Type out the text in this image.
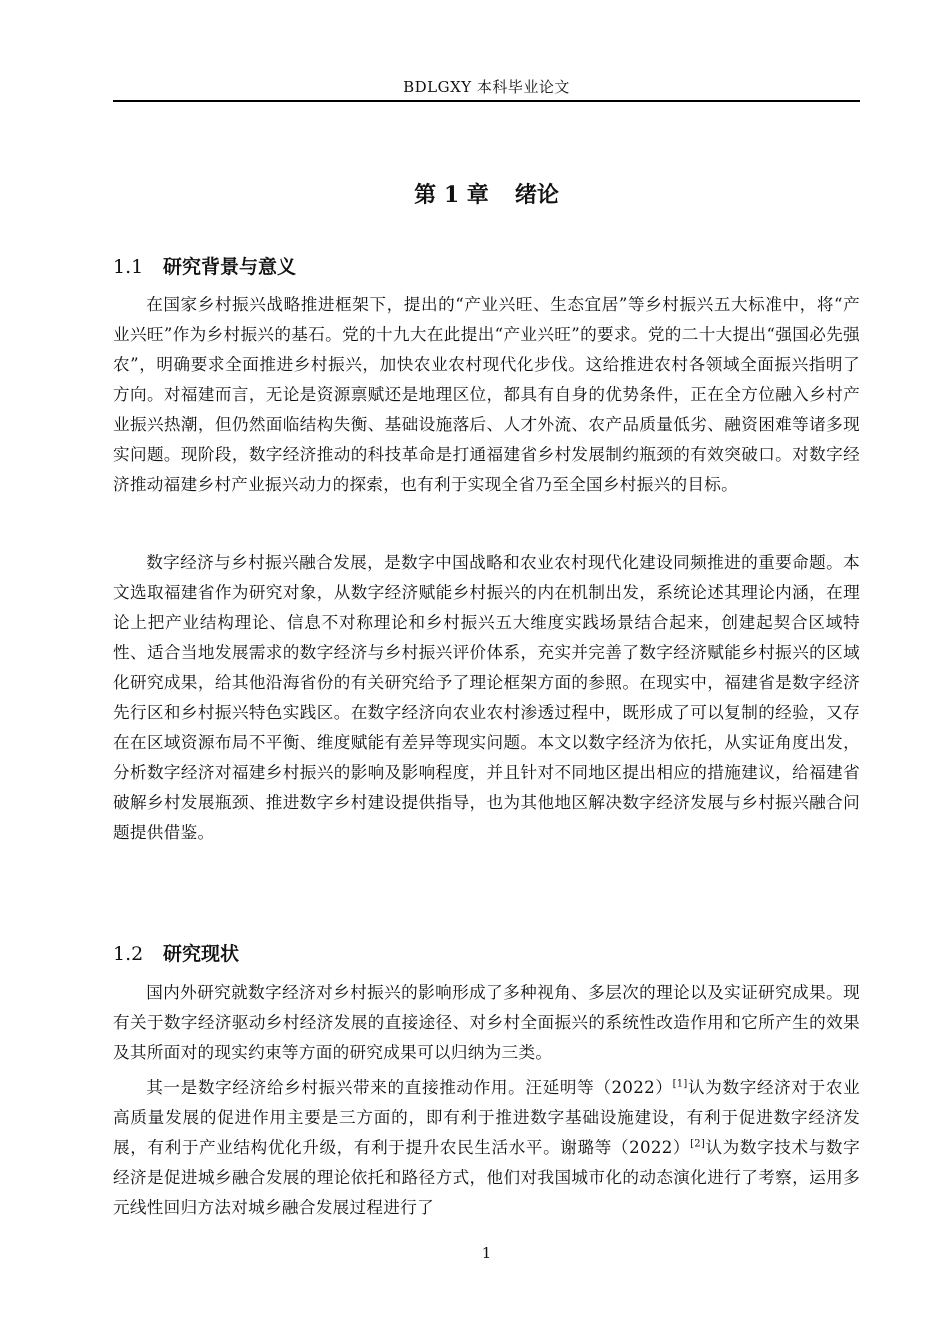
BDLGXY 本科毕业论文
第 1 章 绪论
1.1 研究背景与意义

在国家乡村振兴战略推进框架下，提出的“产业兴旺、生态宜居”等乡村振兴五大标准中，将“产业兴旺”作为乡村振兴的基石。党的十九大在此提出“产业兴旺”的要求。党的二十大提出“强国必先强农”，明确要求全面推进乡村振兴，加快农业农村现代化步伐。这给推进农村各领域全面振兴指明了方向。对福建而言，无论是资源禀赋还是地理区位，都具有自身的优势条件，正在全方位融入乡村产业振兴热潮，但仍然面临结构失衡、基础设施落后、人才外流、农产品质量低劣、融资困难等诸多现实问题。现阶段，数字经济推动的科技革命是打通福建省乡村发展制约瓶颈的有效突破口。对数字经济推动福建乡村产业振兴动力的探索，也有利于实现全省乃至全国乡村振兴的目标。

数字经济与乡村振兴融合发展，是数字中国战略和农业农村现代化建设同频推进的重要命题。本文选取福建省作为研究对象，从数字经济赋能乡村振兴的内在机制出发，系统论述其理论内涵，在理论上把产业结构理论、信息不对称理论和乡村振兴五大维度实践场景结合起来，创建起契合区域特性、适合当地发展需求的数字经济与乡村振兴评价体系，充实并完善了数字经济赋能乡村振兴的区域化研究成果，给其他沿海省份的有关研究给予了理论框架方面的参照。在现实中，福建省是数字经济先行区和乡村振兴特色实践区。在数字经济向农业农村渗透过程中，既形成了可以复制的经验，又存在在区域资源布局不平衡、维度赋能有差异等现实问题。本文以数字经济为依托，从实证角度出发，分析数字经济对福建乡村振兴的影响及影响程度，并且针对不同地区提出相应的措施建议，给福建省破解乡村发展瓶颈、推进数字乡村建设提供指导，也为其他地区解决数字经济发展与乡村振兴融合问题提供借鉴。

1.2 研究现状

国内外研究就数字经济对乡村振兴的影响形成了多种视角、多层次的理论以及实证研究成果。现有关于数字经济驱动乡村经济发展的直接途径、对乡村全面振兴的系统性改造作用和它所产生的效果及其所面对的现实约束等方面的研究成果可以归纳为三类。

其一是数字经济给乡村振兴带来的直接推动作用。汪延明等（2022）[1]认为数字经济对于农业高质量发展的促进作用主要是三方面的，即有利于推进数字基础设施建设，有利于促进数字经济发展，有利于产业结构优化升级，有利于提升农民生活水平。谢璐等（2022）[2]认为数字技术与数字经济是促进城乡融合发展的理论依托和路径方式，他们对我国城市化的动态演化进行了考察，运用多元线性回归方法对城乡融合发展过程进行了

1
